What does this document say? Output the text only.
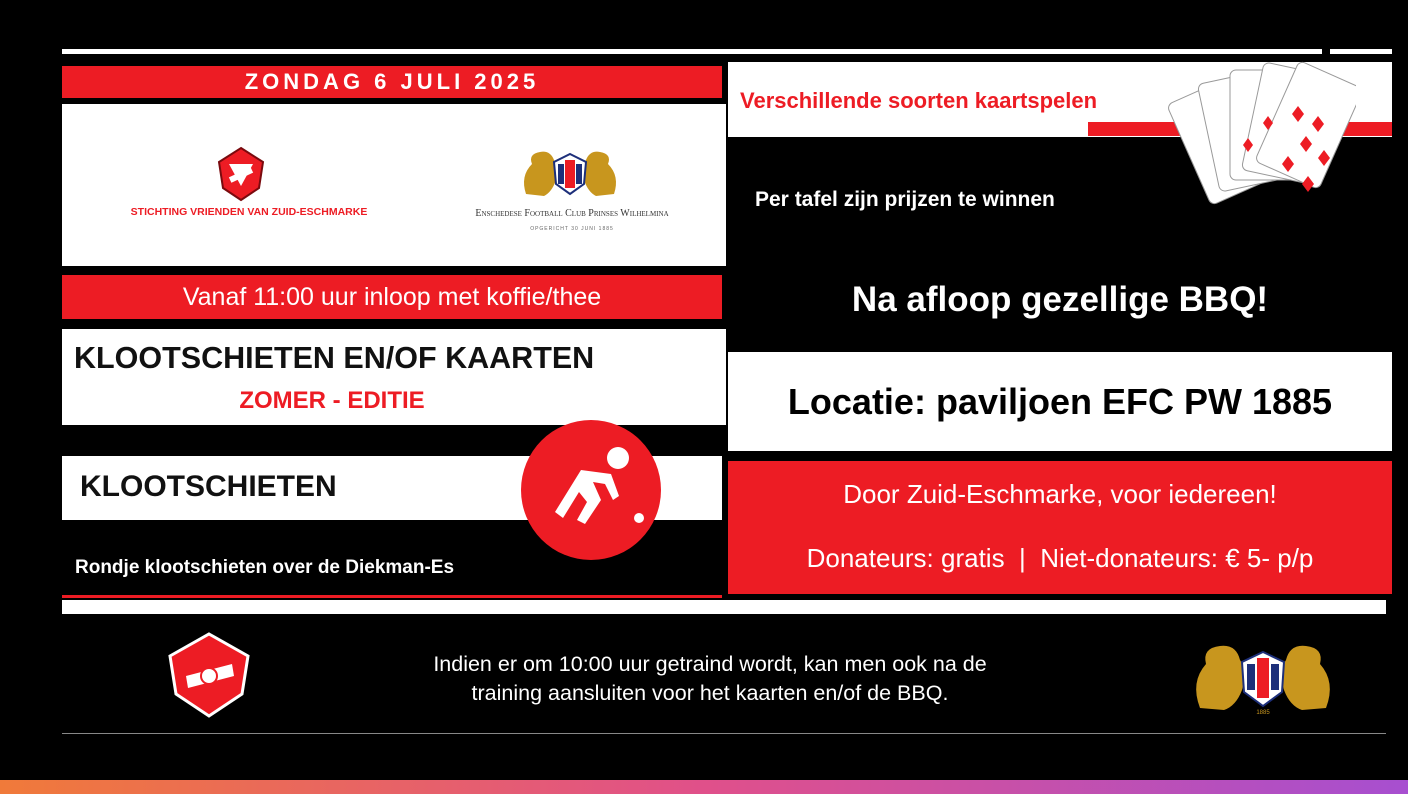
ZONDAG 6 JULI 2025
STICHTING VRIENDEN VAN ZUID-ESCHMARKE	Enschedese Football Club Prinses Wilhelmina
OPGERICHT 30 JUNI 1885
Vanaf 11:00 uur inloop met koffie/thee
KLOOTSCHIETEN EN/OF KAARTEN
ZOMER - EDITIE
KLOOTSCHIETEN
Rondje klootschieten over de Diekman-Es
Verschillende soorten kaartspelen
Per tafel zijn prijzen te winnen
Na afloop gezellige BBQ!
Locatie: paviljoen EFC PW 1885
Door Zuid-Eschmarke, voor iedereen!
Donateurs: gratis  |  Niet-donateurs: € 5- p/p
Indien er om 10:00 uur getraind wordt, kan men ook na de
training aansluiten voor het kaarten en/of de BBQ.
1885
